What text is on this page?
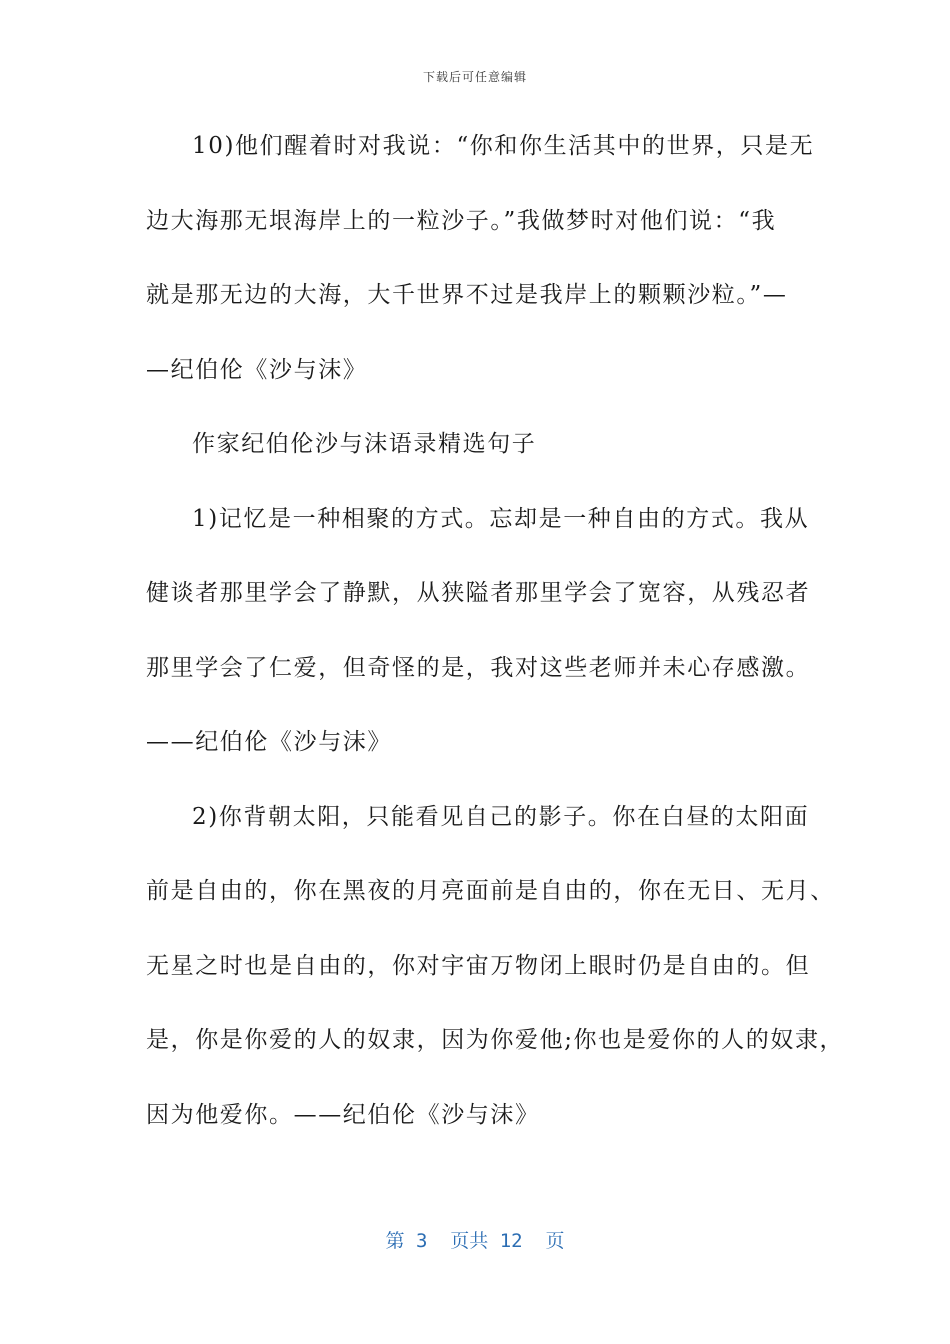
下载后可任意编辑
10)他们醒着时对我说：“你和你生活其中的世界，只是无
边大海那无垠海岸上的一粒沙子。”我做梦时对他们说：“我
就是那无边的大海，大千世界不过是我岸上的颗颗沙粒。”—
—纪伯伦《沙与沫》
作家纪伯伦沙与沫语录精选句子
1)记忆是一种相聚的方式。忘却是一种自由的方式。我从
健谈者那里学会了静默，从狭隘者那里学会了宽容，从残忍者
那里学会了仁爱，但奇怪的是，我对这些老师并未心存感激。
——纪伯伦《沙与沫》
2)你背朝太阳，只能看见自己的影子。你在白昼的太阳面
前是自由的，你在黑夜的月亮面前是自由的，你在无日、无月、
无星之时也是自由的，你对宇宙万物闭上眼时仍是自由的。但
是，你是你爱的人的奴隶，因为你爱他;你也是爱你的人的奴隶，
因为他爱你。——纪伯伦《沙与沫》
第 3  页共 12  页
